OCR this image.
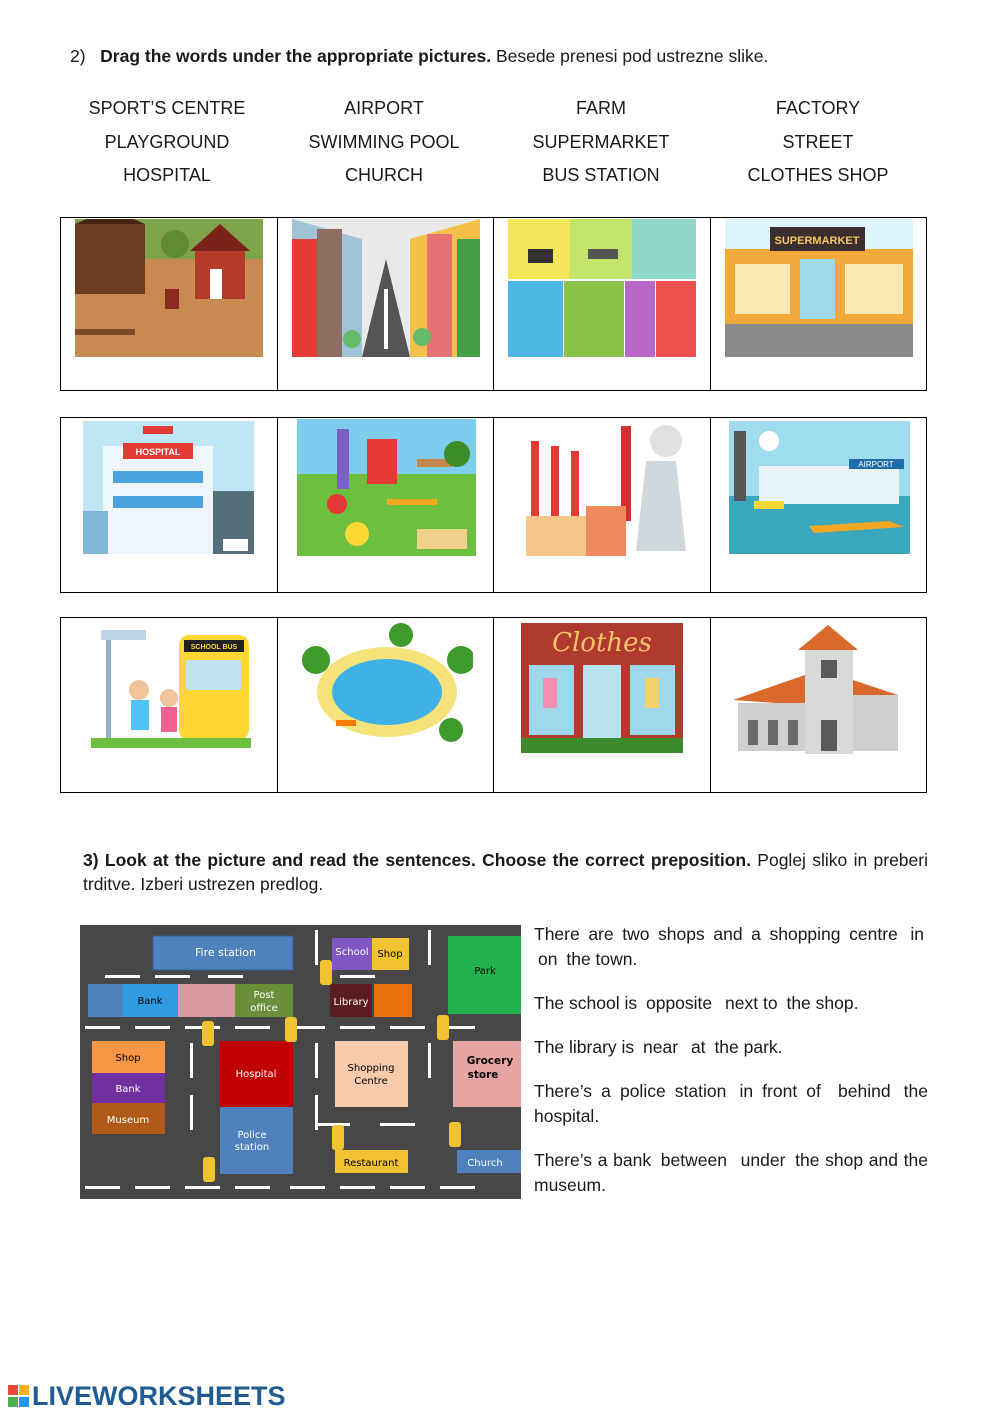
2) Drag the words under the appropriate pictures. Besede prenesi pod ustrezne slike.
SPORT’S CENTRE	AIRPORT	FARM	FACTORY
PLAYGROUND	SWIMMING POOL	SUPERMARKET	STREET
HOSPITAL	CHURCH	BUS STATION	CLOTHES SHOP
SUPERMARKET
HOSPITAL
AIRPORT
SCHOOL BUS	Clothes
3) Look at the picture and read the sentences. Choose the correct preposition. Poglej sliko in preberi trditve. Izberi ustrezen predlog.
Fire station	School Shop
Park
Bank
Post
office
Library
Shop
Bank
Museum
Hospital
Police
station
Shopping
Centre
Grocery
store
Restaurant	Church
There are two shops and a shopping centre in on the town.
The school is opposite next to the shop.
The library is near at the park.
There’s a police station in front of behind the hospital.
There’s a bank between under the shop and the museum.
LIVEWORKSHEETS
